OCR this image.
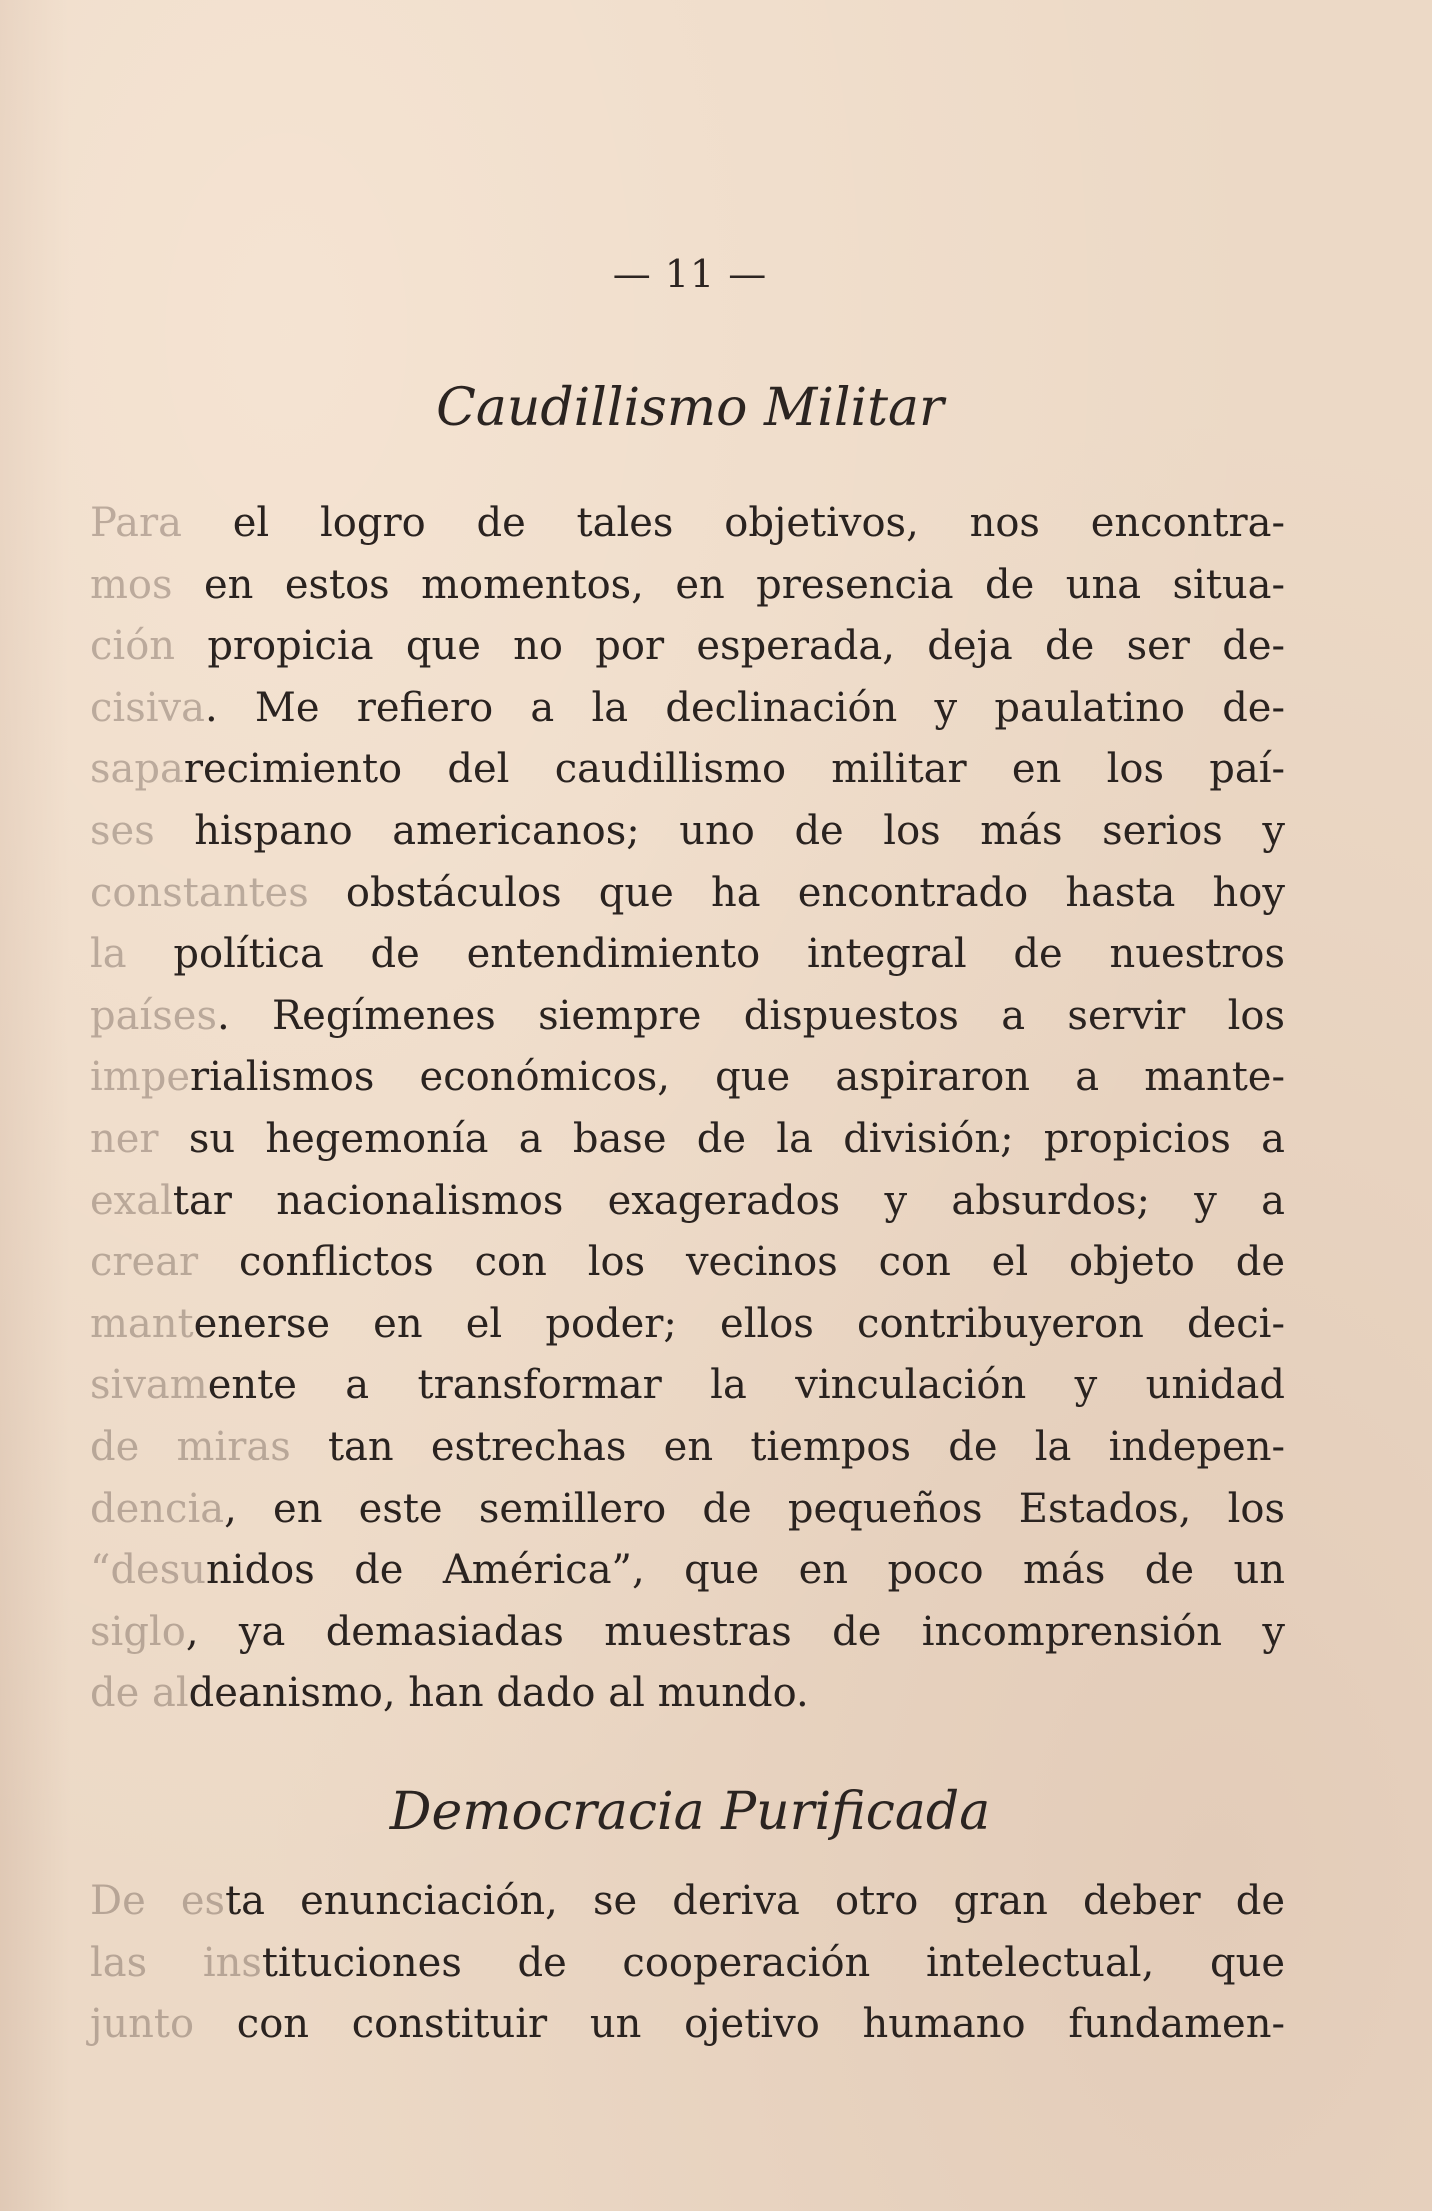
— 11 —
Caudillismo Militar
Para el logro de tales objetivos, nos encontra-
mos en estos momentos, en presencia de una situa-
ción propicia que no por esperada, deja de ser de-
cisiva. Me refiero a la declinación y paulatino de-
saparecimiento del caudillismo militar en los paí-
ses hispano americanos; uno de los más serios y
constantes obstáculos que ha encontrado hasta hoy
la política de entendimiento integral de nuestros
países. Regímenes siempre dispuestos a servir los
imperialismos económicos, que aspiraron a mante-
ner su hegemonía a base de la división; propicios a
exaltar nacionalismos exagerados y absurdos; y a
crear conflictos con los vecinos con el objeto de
mantenerse en el poder; ellos contribuyeron deci-
sivamente a transformar la vinculación y unidad
de miras tan estrechas en tiempos de la indepen-
dencia, en este semillero de pequeños Estados, los
“desunidos de América”, que en poco más de un
siglo, ya demasiadas muestras de incomprensión y
de aldeanismo, han dado al mundo.
Democracia Purificada
De esta enunciación, se deriva otro gran deber de
las instituciones de cooperación intelectual, que
junto con constituir un ojetivo humano fundamen-
